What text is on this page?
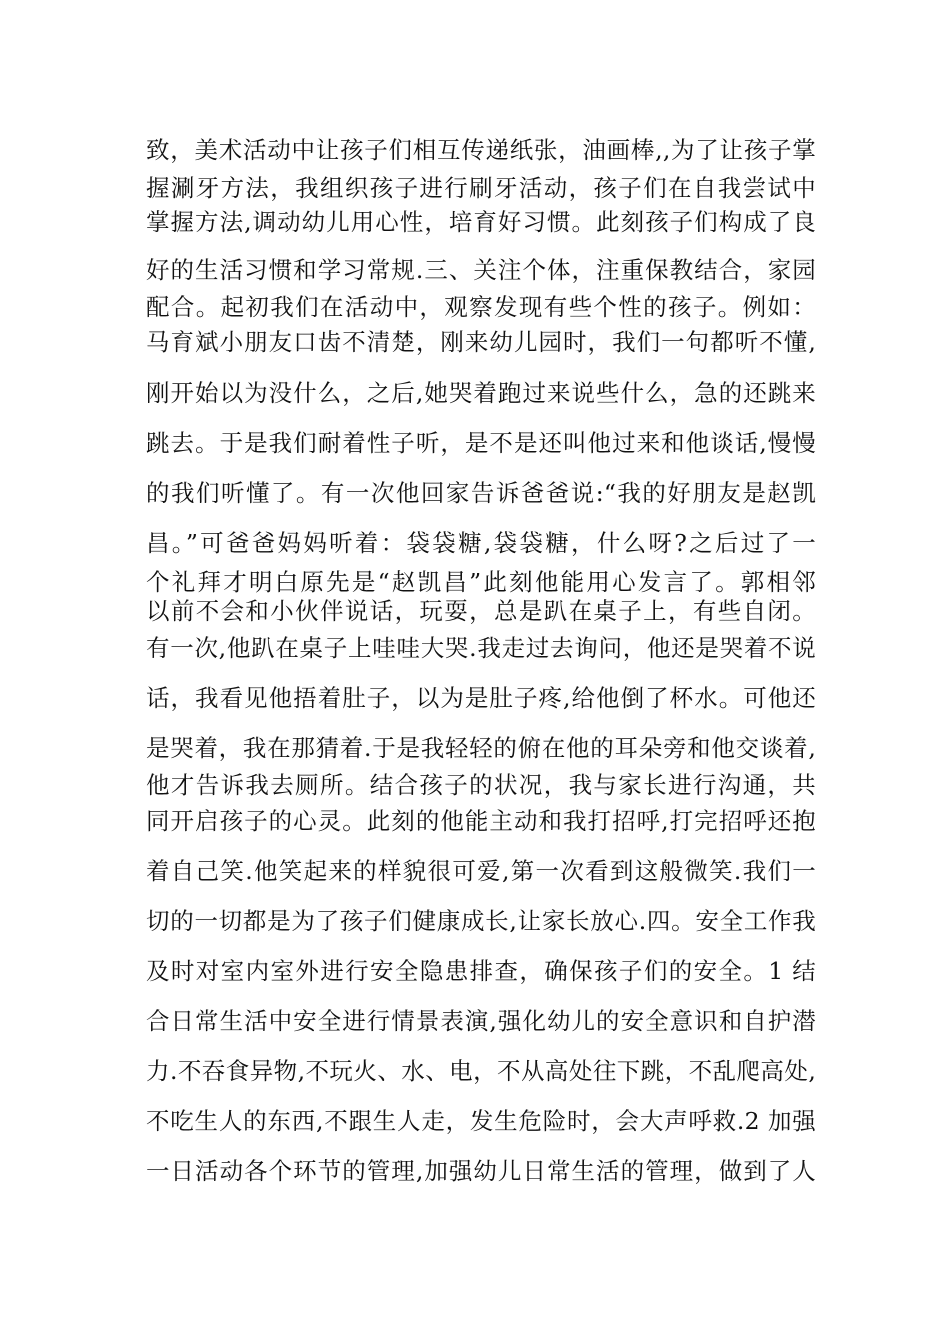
致，美术活动中让孩子们相互传递纸张，油画棒,,为了让孩子掌
握涮牙方法，我组织孩子进行刷牙活动，孩子们在自我尝试中
掌握方法,调动幼儿用心性，培育好习惯。此刻孩子们构成了良
好的生活习惯和学习常规.三、关注个体，注重保教结合，家园
配合。起初我们在活动中，观察发现有些个性的孩子。例如：
马育斌小朋友口齿不清楚，刚来幼儿园时，我们一句都听不懂,
刚开始以为没什么，之后,她哭着跑过来说些什么，急的还跳来
跳去。于是我们耐着性子听，是不是还叫他过来和他谈话,慢慢
的我们听懂了。有一次他回家告诉爸爸说:“我的好朋友是赵凯
昌。”可爸爸妈妈听着：袋袋糖,袋袋糖，什么呀?之后过了一
个礼拜才明白原先是“赵凯昌”此刻他能用心发言了。郭相邻
以前不会和小伙伴说话，玩耍，总是趴在桌子上，有些自闭。
有一次,他趴在桌子上哇哇大哭.我走过去询问，他还是哭着不说
话，我看见他捂着肚子，以为是肚子疼,给他倒了杯水。可他还
是哭着，我在那猜着.于是我轻轻的俯在他的耳朵旁和他交谈着,
他才告诉我去厕所。结合孩子的状况，我与家长进行沟通，共
同开启孩子的心灵。此刻的他能主动和我打招呼,打完招呼还抱
着自己笑.他笑起来的样貌很可爱,第一次看到这般微笑.我们一
切的一切都是为了孩子们健康成长,让家长放心.四。安全工作我
及时对室内室外进行安全隐患排查，确保孩子们的安全。1 结
合日常生活中安全进行情景表演,强化幼儿的安全意识和自护潜
力.不吞食异物,不玩火、水、电，不从高处往下跳，不乱爬高处,
不吃生人的东西,不跟生人走，发生危险时，会大声呼救.2 加强
一日活动各个环节的管理,加强幼儿日常生活的管理，做到了人
